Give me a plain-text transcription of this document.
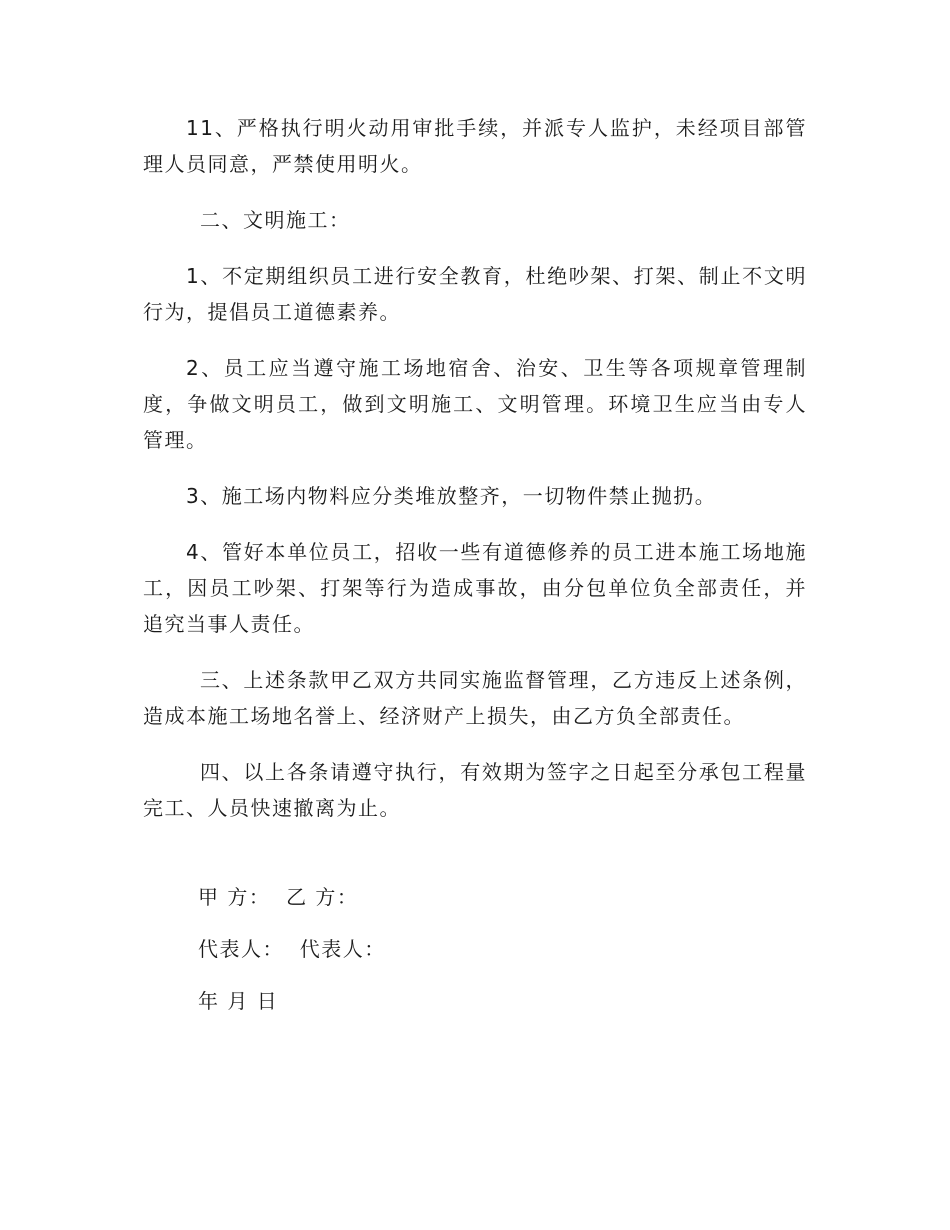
11、严格执行明火动用审批手续，并派专人监护，未经项目部管理人员同意，严禁使用明火。

二、文明施工：

1、不定期组织员工进行安全教育，杜绝吵架、打架、制止不文明行为，提倡员工道德素养。

2、员工应当遵守施工场地宿舍、治安、卫生等各项规章管理制度，争做文明员工，做到文明施工、文明管理。环境卫生应当由专人管理。

3、施工场内物料应分类堆放整齐，一切物件禁止抛扔。

4、管好本单位员工，招收一些有道德修养的员工进本施工场地施工，因员工吵架、打架等行为造成事故，由分包单位负全部责任，并追究当事人责任。

三、上述条款甲乙双方共同实施监督管理，乙方违反上述条例，造成本施工场地名誉上、经济财产上损失，由乙方负全部责任。

四、以上各条请遵守执行，有效期为签字之日起至分承包工程量完工、人员快速撤离为止。

甲 方：  乙 方：
代表人：  代表人：
年 月 日
